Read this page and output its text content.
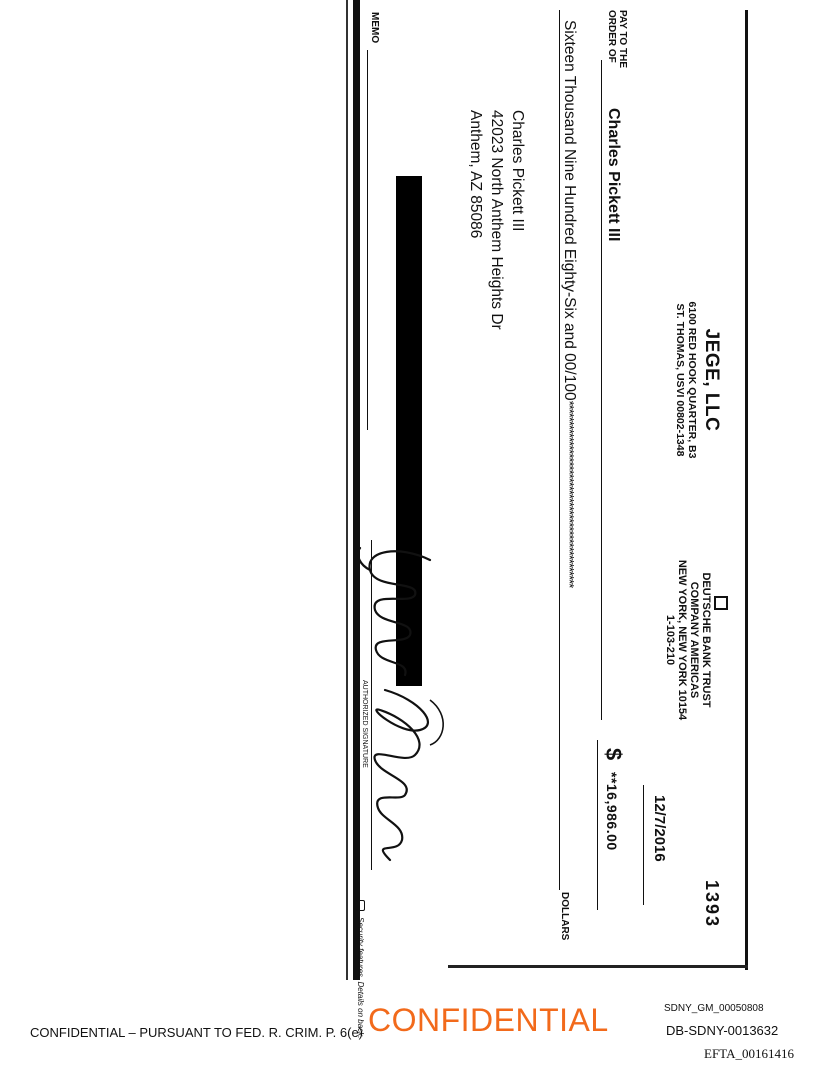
JEGE, LLC
6100 RED HOOK QUARTER, B3
ST. THOMAS, USVI 00802-1348
DEUTSCHE BANK TRUST
COMPANY AMERICAS
NEW YORK, NEW YORK 10154
1-103-210
1393
12/7/2016
PAY TO THE
ORDER OF
Charles Pickett III
$
**16,986.00
Sixteen Thousand Nine Hundred Eighty-Six and 00/100**********************************************
DOLLARS
Charles Pickett III
42023 North Anthem Heights Dr
Anthem, AZ 85086
MEMO
AUTHORIZED SIGNATURE
Security features. Details on back.
CONFIDENTIAL – PURSUANT TO FED. R. CRIM. P. 6(e) CONFIDENTIAL	SDNY_GM_00050808
DB-SDNY-0013632
EFTA_00161416
